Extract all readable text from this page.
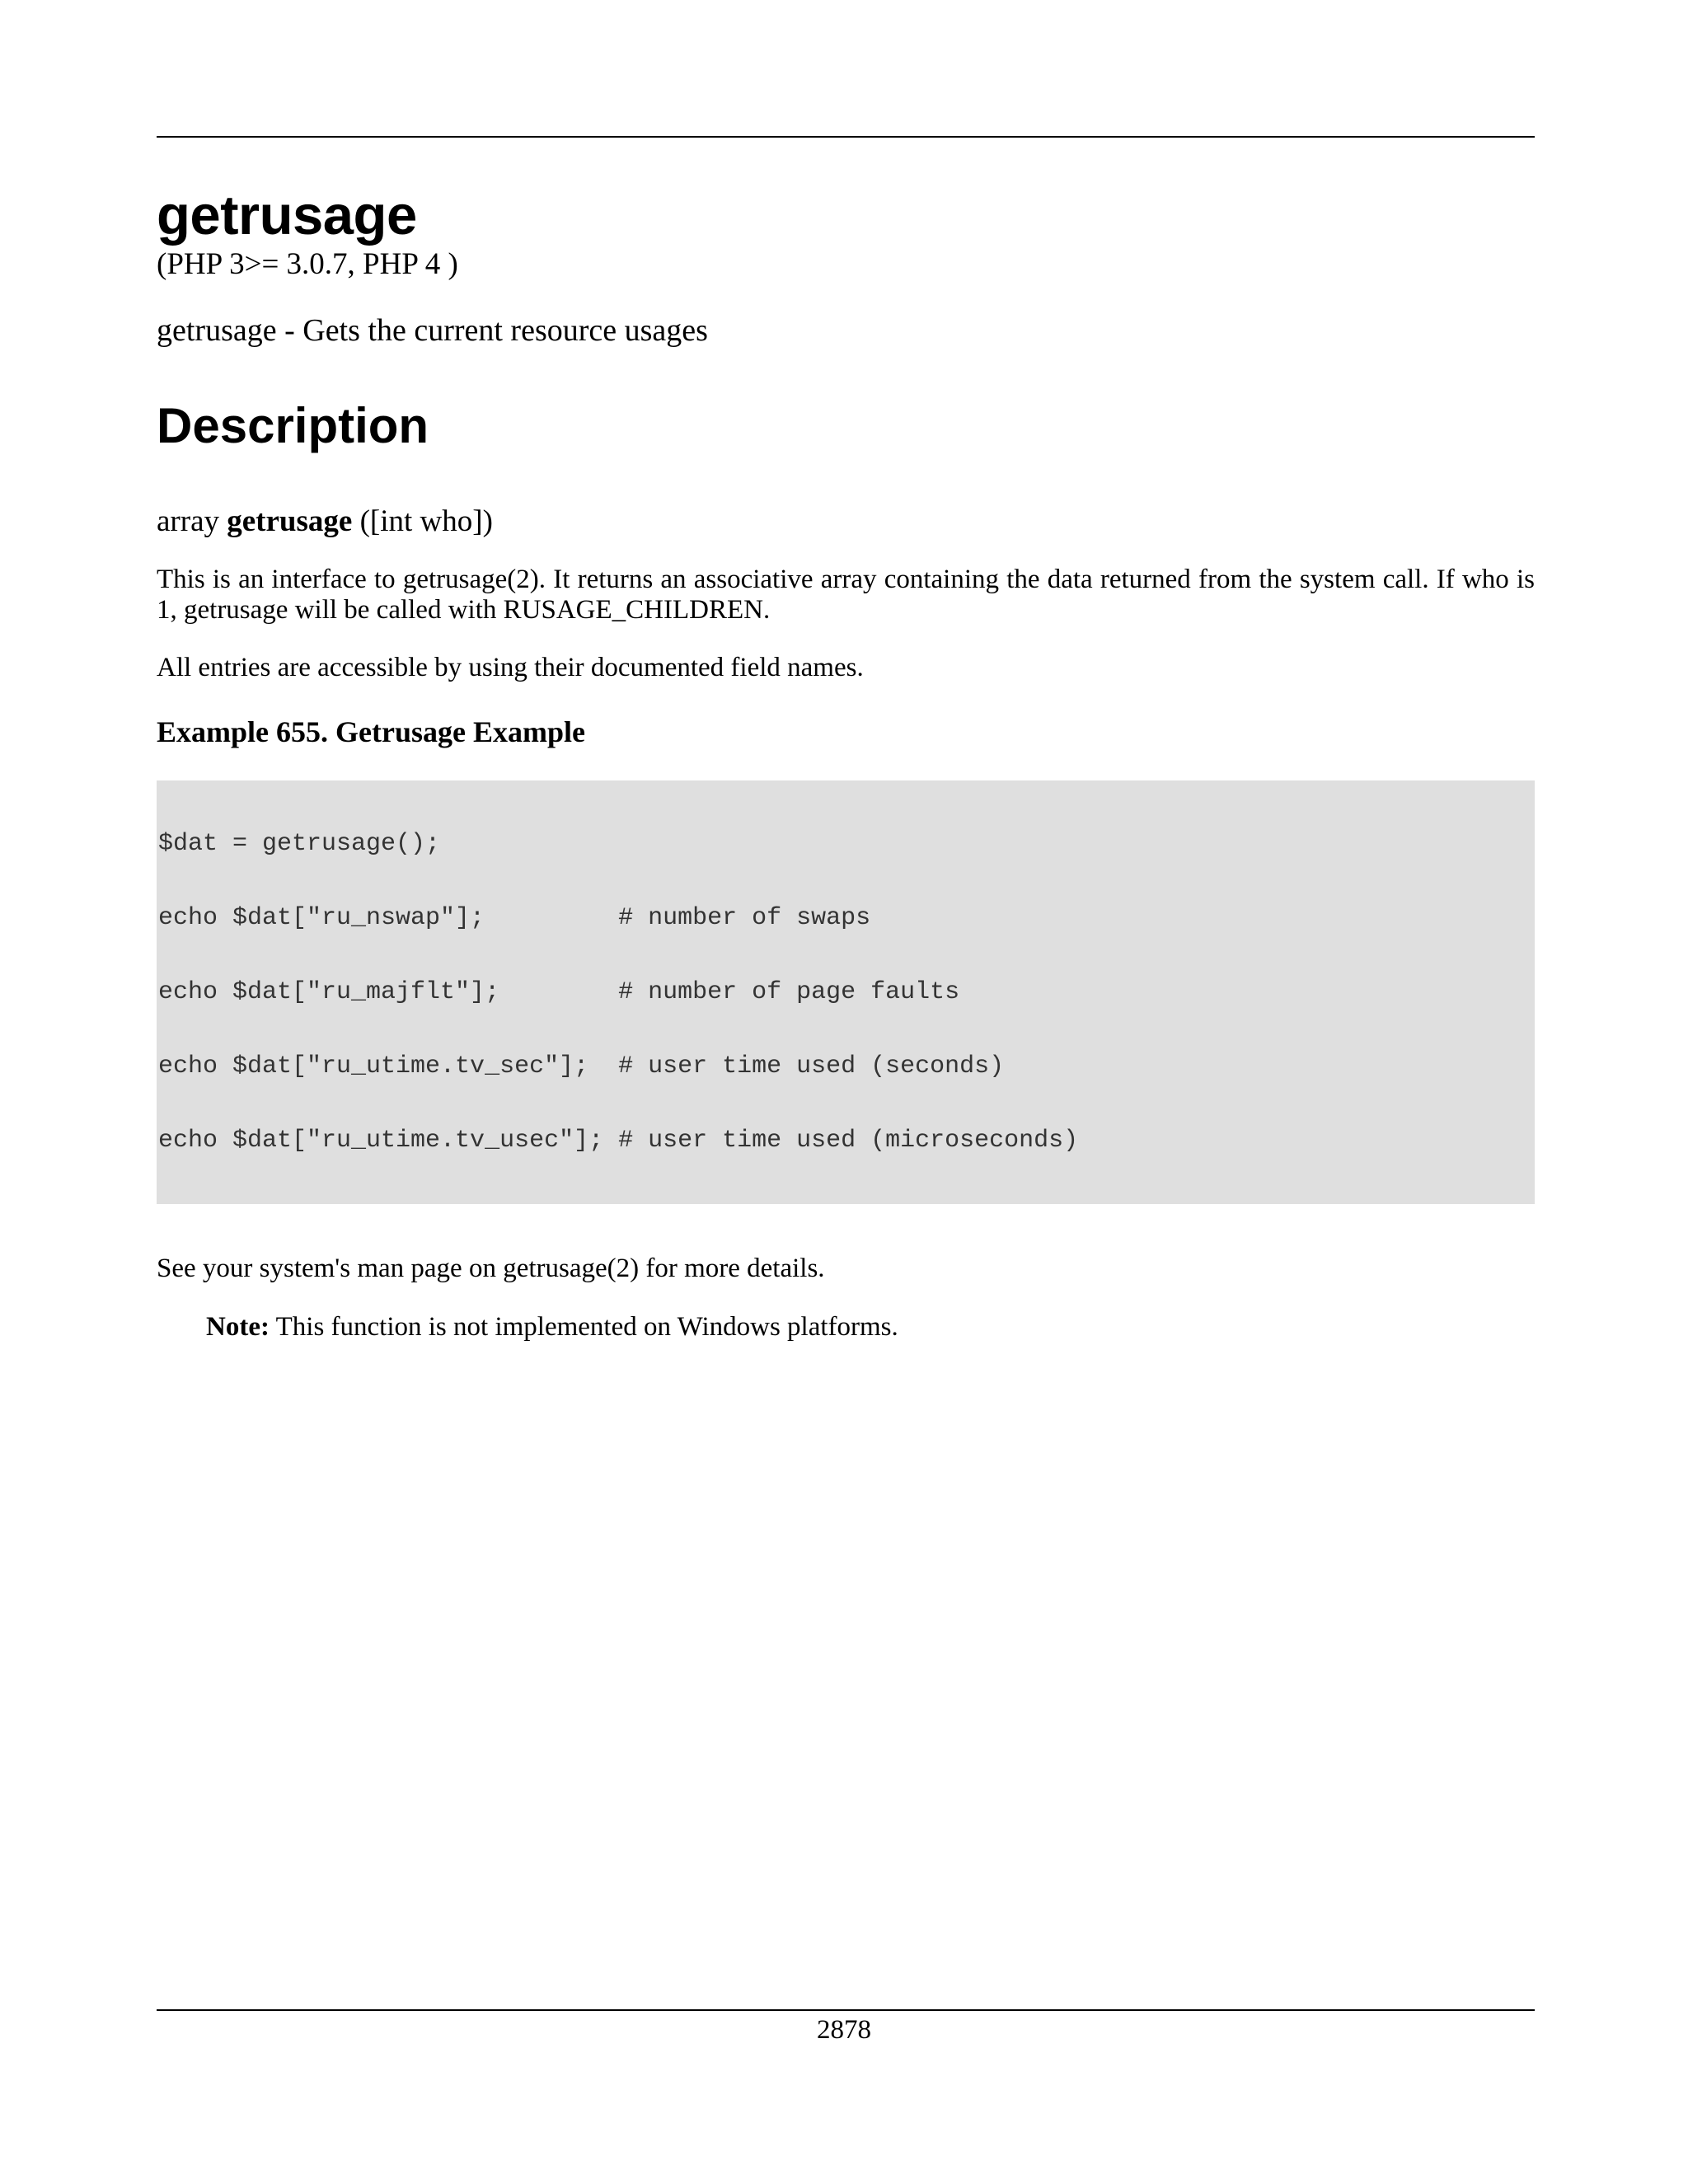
getrusage
(PHP 3>= 3.0.7, PHP 4 )
getrusage - Gets the current resource usages
Description
array getrusage ([int who])

This is an interface to getrusage(2). It returns an associative array containing the data returned from the system call. If who is 1, getrusage will be called with RUSAGE_CHILDREN.

All entries are accessible by using their documented field names.

Example 655. Getrusage Example

$dat = getrusage();

echo $dat["ru_nswap"];         # number of swaps

echo $dat["ru_majflt"];        # number of page faults

echo $dat["ru_utime.tv_sec"];  # user time used (seconds)

echo $dat["ru_utime.tv_usec"]; # user time used (microseconds)

See your system's man page on getrusage(2) for more details.

Note: This function is not implemented on Windows platforms.
2878
